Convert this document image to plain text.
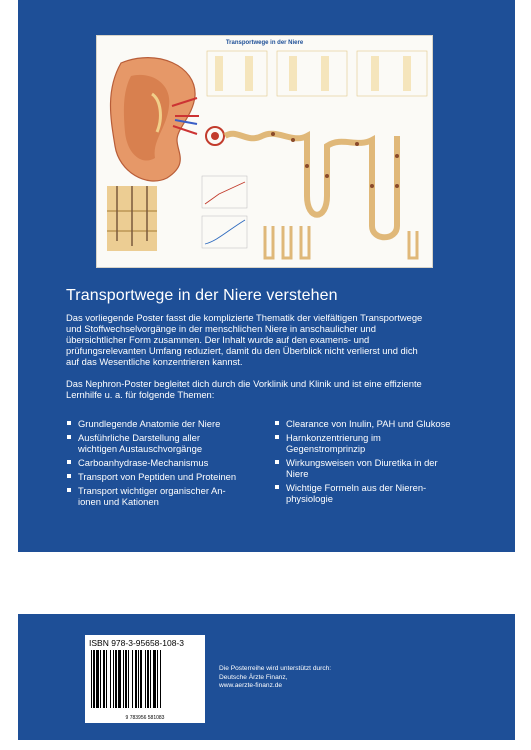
Transportwege in der Niere
Transportwege in der Niere verstehen
Das vorliegende Poster fasst die komplizierte Thematik der vielfältigen Transportwege
und Stoffwechselvorgänge in der menschlichen Niere in anschaulicher und
übersichtlicher Form zusammen. Der Inhalt wurde auf den examens- und
prüfungsrelevanten Umfang reduziert, damit du den Überblick nicht verlierst und dich
auf das Wesentliche konzentrieren kannst.
Das Nephron-Poster begleitet dich durch die Vorklinik und Klinik und ist eine effiziente
Lernhilfe u. a. für folgende Themen:
Grundlegende Anatomie der Niere
Ausführliche Darstellung aller
wichtigen Austauschvorgänge
Carboanhydrase-Mechanismus
Transport von Peptiden und Proteinen
Transport wichtiger organischer An-
ionen und Kationen
Clearance von Inulin, PAH und Glukose
Harnkonzentrierung im
Gegenstromprinzip
Wirkungsweisen von Diuretika in der
Niere
Wichtige Formeln aus der Nieren-
physiologie
ISBN 978-3-95658-108-3
9 783956 581083
Die Posterreihe wird unterstützt durch:
Deutsche Ärzte Finanz,
www.aerzte-finanz.de
